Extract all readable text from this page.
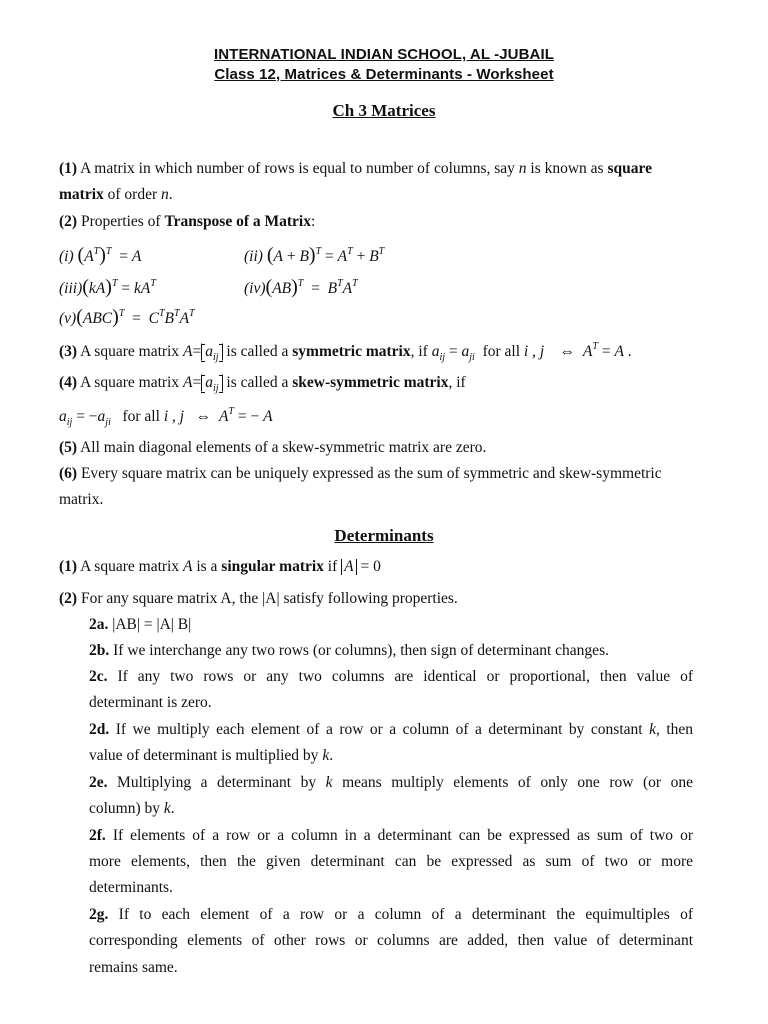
INTERNATIONAL INDIAN SCHOOL, AL -JUBAIL
Class 12, Matrices & Determinants - Worksheet
Ch 3 Matrices
(1) A matrix in which number of rows is equal to number of columns, say n is known as square
matrix of order n.
(2) Properties of Transpose of a Matrix:
(i) $(A^T)^T = A$	(ii) $(A + B)^T = A^T + B^T$
$(iii)(kA)^T = kA^T$	$(iv)(AB)^T = B^TA^T$
$(v)(ABC)^T = C^TB^TA^T$
(3) A square matrix $A= a_{ij}$ is called a symmetric matrix, if $a_{ij} = a_{ji}$  for all i , j    ⇔  $A^T = A$ .
(4) A square matrix $A= a_{ij}$ is called a skew-symmetric matrix, if
$a_{ij} = -a_{ji}$   for all i , j   ⇔  $A^T$ = − A
(5) All main diagonal elements of a skew-symmetric matrix are zero.
(6) Every square matrix can be uniquely expressed as the sum of symmetric and skew-symmetric
matrix.
Determinants
(1) A square matrix A is a singular matrix if A = 0
(2) For any square matrix A, the |A| satisfy following properties.
2a. |AB| = |A| B|
2b. If we interchange any two rows (or columns), then sign of determinant changes.
2c. If any two rows or any two columns are identical or proportional, then value of
determinant is zero.
2d. If we multiply each element of a row or a column of a determinant by constant k, then
value of determinant is multiplied by k.
2e. Multiplying a determinant by k means multiply elements of only one row (or one
column) by k.
2f. If elements of a row or a column in a determinant can be expressed as sum of two or
more elements, then the given determinant can be expressed as sum of two or more
determinants.
2g. If to each element of a row or a column of a determinant the equimultiples of
corresponding elements of other rows or columns are added, then value of determinant
remains same.
